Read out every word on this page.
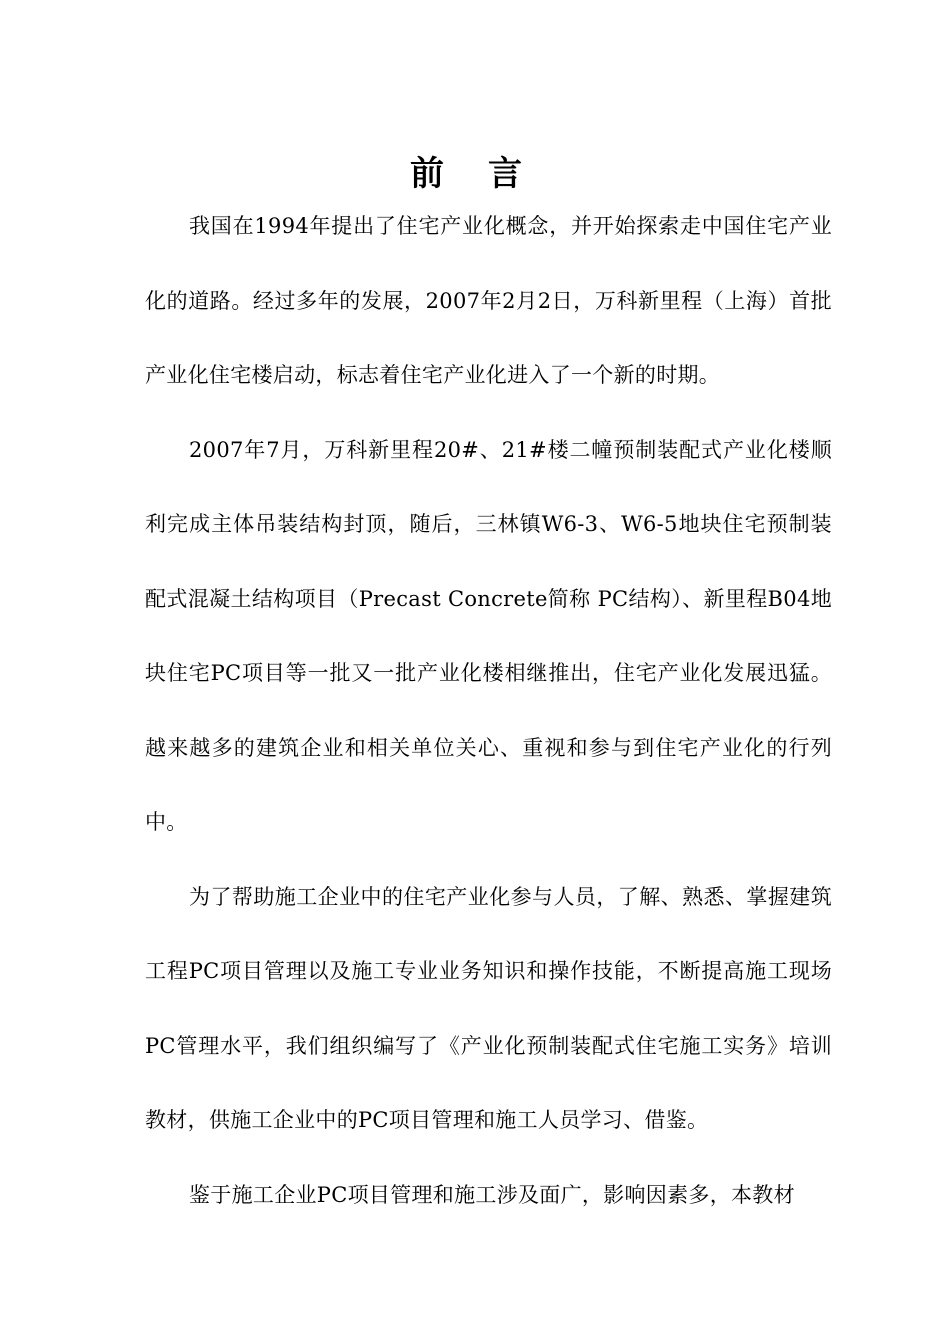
前言

我国在1994年提出了住宅产业化概念，并开始探索走中国住宅产业化的道路。经过多年的发展，2007年2月2日，万科新里程（上海）首批产业化住宅楼启动，标志着住宅产业化进入了一个新的时期。

2007年7月，万科新里程20#、21#楼二幢预制装配式产业化楼顺利完成主体吊装结构封顶，随后，三林镇W6-3、W6-5地块住宅预制装配式混凝土结构项目（Precast Concrete简称 PC结构）、新里程B04地块住宅PC项目等一批又一批产业化楼相继推出，住宅产业化发展迅猛。越来越多的建筑企业和相关单位关心、重视和参与到住宅产业化的行列中。

为了帮助施工企业中的住宅产业化参与人员，了解、熟悉、掌握建筑工程PC项目管理以及施工专业业务知识和操作技能，不断提高施工现场PC管理水平，我们组织编写了《产业化预制装配式住宅施工实务》培训教材，供施工企业中的PC项目管理和施工人员学习、借鉴。

鉴于施工企业PC项目管理和施工涉及面广，影响因素多，本教材
